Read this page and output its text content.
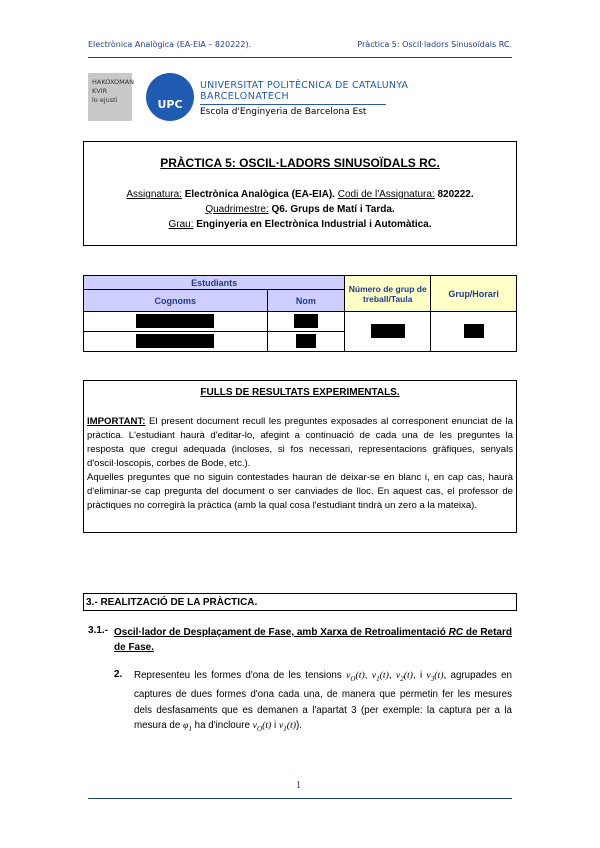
Electrònica Analògica (EA-EIA – 820222).	Pràctica 5: Oscil·ladors Sinusoïdals RC.
HAKOXOMAN
KVIR
lo ejusti	UPC
UNIVERSITAT POLITÈCNICA DE CATALUNYA
BARCELONATECH
Escola d'Enginyeria de Barcelona Est
PRÀCTICA 5: OSCIL·LADORS SINUSOÏDALS RC.
Assignatura: Electrònica Analògica (EA-EIA). Codi de l'Assignatura: 820222.
Quadrimestre: Q6. Grups de Matí i Tarda.
Grau: Enginyeria en Electrònica Industrial i Automàtica.
Estudiants		Número de grup de treball/Taula	Grup/Horari
Cognoms	Nom		

FULLS DE RESULTATS EXPERIMENTALS.
IMPORTANT: El present document recull les preguntes exposades al corresponent enunciat de la pràctica. L'estudiant haurà d'editar-lo, afegint a continuació de cada una de les preguntes la resposta que cregui adequada (incloses, si fos necessari, representacions gràfiques, senyals d'oscil·loscopis, corbes de Bode, etc.).
Aquelles preguntes que no siguin contestades hauran de deixar-se en blanc i, en cap cas, haurà d'eliminar-se cap pregunta del document o ser canviades de lloc. En aquest cas, el professor de pràctiques no corregirà la pràctica (amb la qual cosa l'estudiant tindrà un zero a la mateixa).
3.- REALITZACIÓ DE LA PRÀCTICA.
3.1.- Oscil·lador de Desplaçament de Fase, amb Xarxa de Retroalimentació RC de Retard de Fase.
2. Representeu les formes d'ona de les tensions $v_O(t)$, $v_1(t)$, $v_2(t)$, i $v_3(t)$, agrupades en captures de dues formes d'ona cada una, de manera que permetin fer les mesures dels desfasaments que es demanen a l'apartat 3 (per exemple: la captura per a la mesura de $\varphi_1$ ha d'incloure $v_O(t)$ i $v_1(t)$).
1
